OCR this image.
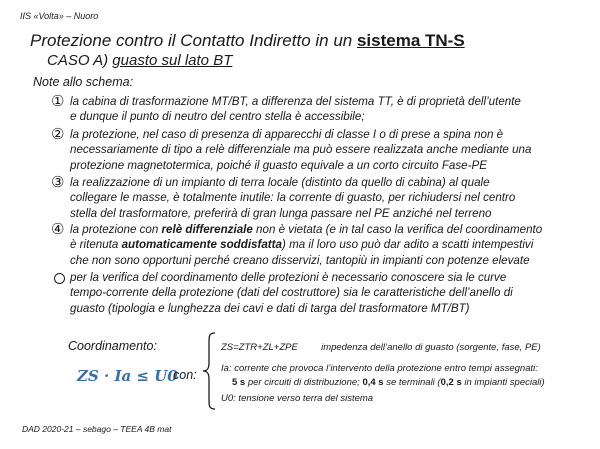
IIS «Volta» – Nuoro
Protezione contro il Contatto Indiretto in un sistema TN-S
CASO A) guasto sul lato BT
Note allo schema:
① la cabina di trasformazione MT/BT, a differenza del sistema TT, è di proprietà dell’utente
e dunque il punto di neutro del centro stella è accessibile;
② la protezione, nel caso di presenza di apparecchi di classe I o di prese a spina non è
necessariamente di tipo a relè differenziale ma può essere realizzata anche mediante una
protezione magnetotermica, poiché il guasto equivale a un corto circuito Fase-PE
③ la realizzazione di un impianto di terra locale (distinto da quello di cabina) al quale
collegare le masse, è totalmente inutile: la corrente di guasto, per richiudersi nel centro
stella del trasformatore, preferirà di gran lunga passare nel PE anziché nel terreno
④ la protezione con relè differenziale non è vietata (e in tal caso la verifica del coordinamento
è ritenuta automaticamente soddisfatta) ma il loro uso può dar adito a scatti intempestivi
che non sono opportuni perché creano disservizi, tantopiù in impianti con potenze elevate
per la verifica del coordinamento delle protezioni è necessario conoscere sia le curve
tempo-corrente della protezione (dati del costruttore) sia le caratteristiche dell’anello di
guasto (tipologia e lunghezza dei cavi e dati di targa del trasformatore MT/BT)
Coordinamento:
ZS · Ia ≤ U0
con:
ZS=ZTR+ZL+ZPE impedenza dell’anello di guasto (sorgente, fase, PE)
Ia: corrente che provoca l’intervento della protezione entro tempi assegnati:
5 s per circuiti di distribuzione; 0,4 s se terminali (0,2 s in impianti speciali)
U0: tensione verso terra del sistema
DAD 2020-21 – sebago – TEEA 4B mat
